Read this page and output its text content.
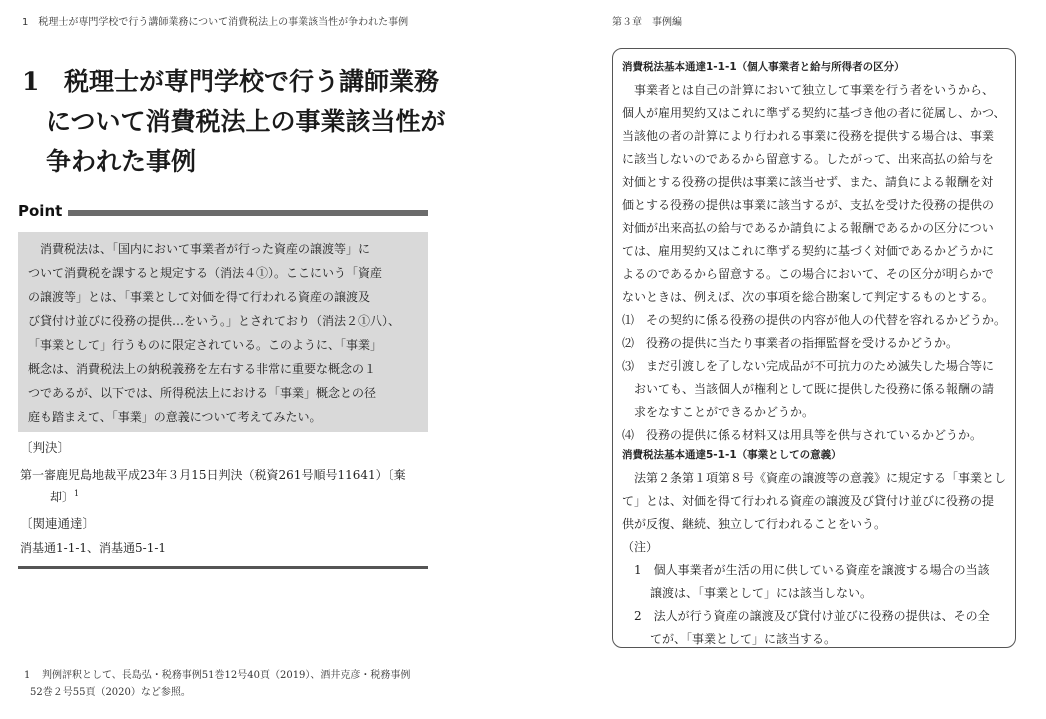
1　税理士が専門学校で行う講師業務について消費税法上の事業該当性が争われた事例
1 税理士が専門学校で行う講師業務
について消費税法上の事業該当性が
争われた事例
Point
消費税法は、「国内において事業者が行った資産の譲渡等」に
ついて消費税を課すると規定する（消法４①）。ここにいう「資産
の譲渡等」とは、「事業として対価を得て行われる資産の譲渡及
び貸付け並びに役務の提供…をいう。」とされており（消法２①八）、
「事業として」行うものに限定されている。このように、「事業」
概念は、消費税法上の納税義務を左右する非常に重要な概念の１
つであるが、以下では、所得税法上における「事業」概念との径
庭も踏まえて、「事業」の意義について考えてみたい。
〔判決〕
第一審鹿児島地裁平成23年３月15日判決（税資261号順号11641）〔棄
却〕$^1$
〔関連通達〕
消基通1-1-1、消基通5-1-1
1 判例評釈として、長島弘・税務事例51巻12号40頁（2019）、酒井克彦・税務事例
52巻２号55頁（2020）など参照。
第３章　事例編
消費税法基本通達1-1-1（個人事業者と給与所得者の区分）
事業者とは自己の計算において独立して事業を行う者をいうから、
個人が雇用契約又はこれに準ずる契約に基づき他の者に従属し、かつ、
当該他の者の計算により行われる事業に役務を提供する場合は、事業
に該当しないのであるから留意する。したがって、出来高払の給与を
対価とする役務の提供は事業に該当せず、また、請負による報酬を対
価とする役務の提供は事業に該当するが、支払を受けた役務の提供の
対価が出来高払の給与であるか請負による報酬であるかの区分につい
ては、雇用契約又はこれに準ずる契約に基づく対価であるかどうかに
よるのであるから留意する。この場合において、その区分が明らかで
ないときは、例えば、次の事項を総合勘案して判定するものとする。
⑴　 その契約に係る役務の提供の内容が他人の代替を容れるかどうか。
⑵　 役務の提供に当たり事業者の指揮監督を受けるかどうか。
⑶　 まだ引渡しを了しない完成品が不可抗力のため滅失した場合等に
おいても、当該個人が権利として既に提供した役務に係る報酬の請
求をなすことができるかどうか。
⑷　 役務の提供に係る材料又は用具等を供与されているかどうか。
消費税法基本通達5-1-1（事業としての意義）
法第２条第１項第８号《資産の譲渡等の意義》に規定する「事業とし
て」とは、対価を得て行われる資産の譲渡及び貸付け並びに役務の提
供が反復、継続、独立して行われることをいう。
（注）
1　 個人事業者が生活の用に供している資産を譲渡する場合の当該
譲渡は、「事業として」には該当しない。
2　 法人が行う資産の譲渡及び貸付け並びに役務の提供は、その全
てが、「事業として」に該当する。
